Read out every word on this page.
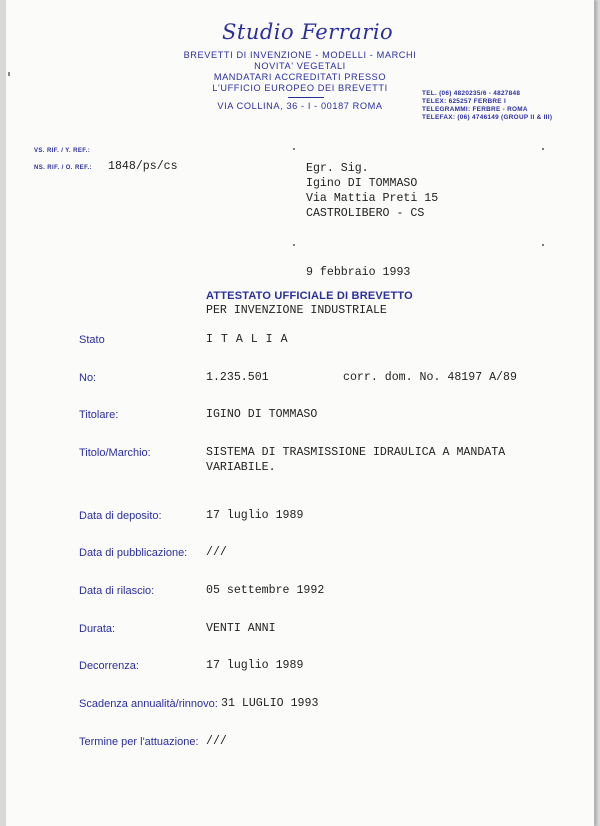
Studio Ferrario
BREVETTI DI INVENZIONE - MODELLI - MARCHI
NOVITA' VEGETALI
MANDATARI ACCREDITATI PRESSO
L'UFFICIO EUROPEO DEI BREVETTI
VIA COLLINA, 36 - I - 00187 ROMA
TEL. (06) 4820235/6 - 4827848
TELEX: 625257 FERBRE I
TELEGRAMMI: FERBRE - ROMA
TELEFAX: (06) 4746149 (GROUP II & III)
VS. RIF. / Y. REF.:
NS. RIF. / O. REF.: 1848/ps/cs	Egr. Sig.
Igino DI TOMMASO
Via Mattia Preti 15
CASTROLIBERO - CS
9 febbraio 1993
ATTESTATO UFFICIALE DI BREVETTO
PER INVENZIONE INDUSTRIALE
Stato	I T A L I A
No:	1.235.501	corr. dom. No. 48197 A/89
Titolare:	IGINO DI TOMMASO
Titolo/Marchio:	SISTEMA DI TRASMISSIONE IDRAULICA A MANDATA
VARIABILE.
Data di deposito:	17 luglio 1989
Data di pubblicazione: ///
Data di rilascio:	05 settembre 1992
Durata:	VENTI ANNI
Decorrenza:	17 luglio 1989
Scadenza annualità/rinnovo: 31 LUGLIO 1993
Termine per l'attuazione: ///
